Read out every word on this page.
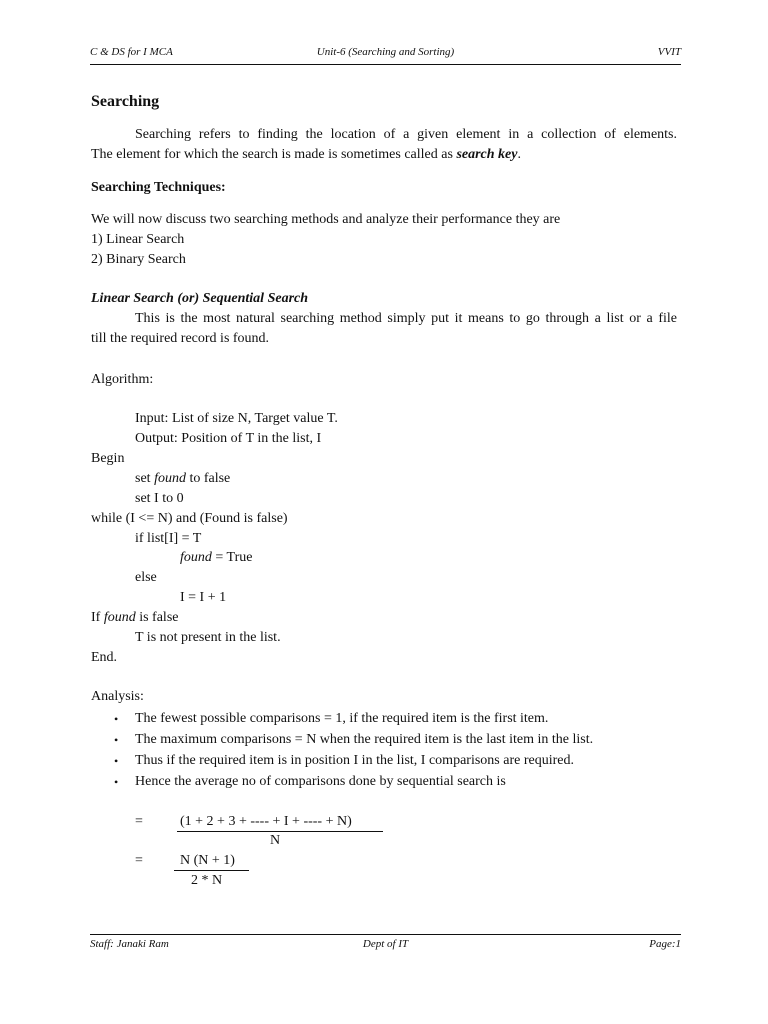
C & DS for I MCA	Unit-6 (Searching and Sorting)	VVIT
Searching
Searching refers to finding the location of a given element in a collection of elements.
The element for which the search is made is sometimes called as search key.
Searching Techniques:
We will now discuss two searching methods and analyze their performance they are
1) Linear Search
2) Binary Search
Linear Search (or) Sequential Search
This is the most natural searching method simply put it means to go through a list or a file
till the required record is found.
Algorithm:
Input: List of size N, Target value T.
Output: Position of T in the list, I
Begin
set found to false
set I to 0
while (I <= N) and (Found is false)
if list[I] = T
found = True
else
I = I + 1
If found is false
T is not present in the list.
End.
Analysis:
• The fewest possible comparisons = 1, if the required item is the first item.
• The maximum comparisons = N when the required item is the last item in the list.
• Thus if the required item is in position I in the list, I comparisons are required.
• Hence the average no of comparisons done by sequential search is
=	(1 + 2 + 3 + ---- + I + ---- + N)
N
=	N (N + 1)
2 * N
Staff: Janaki Ram	Dept of IT	Page:1
